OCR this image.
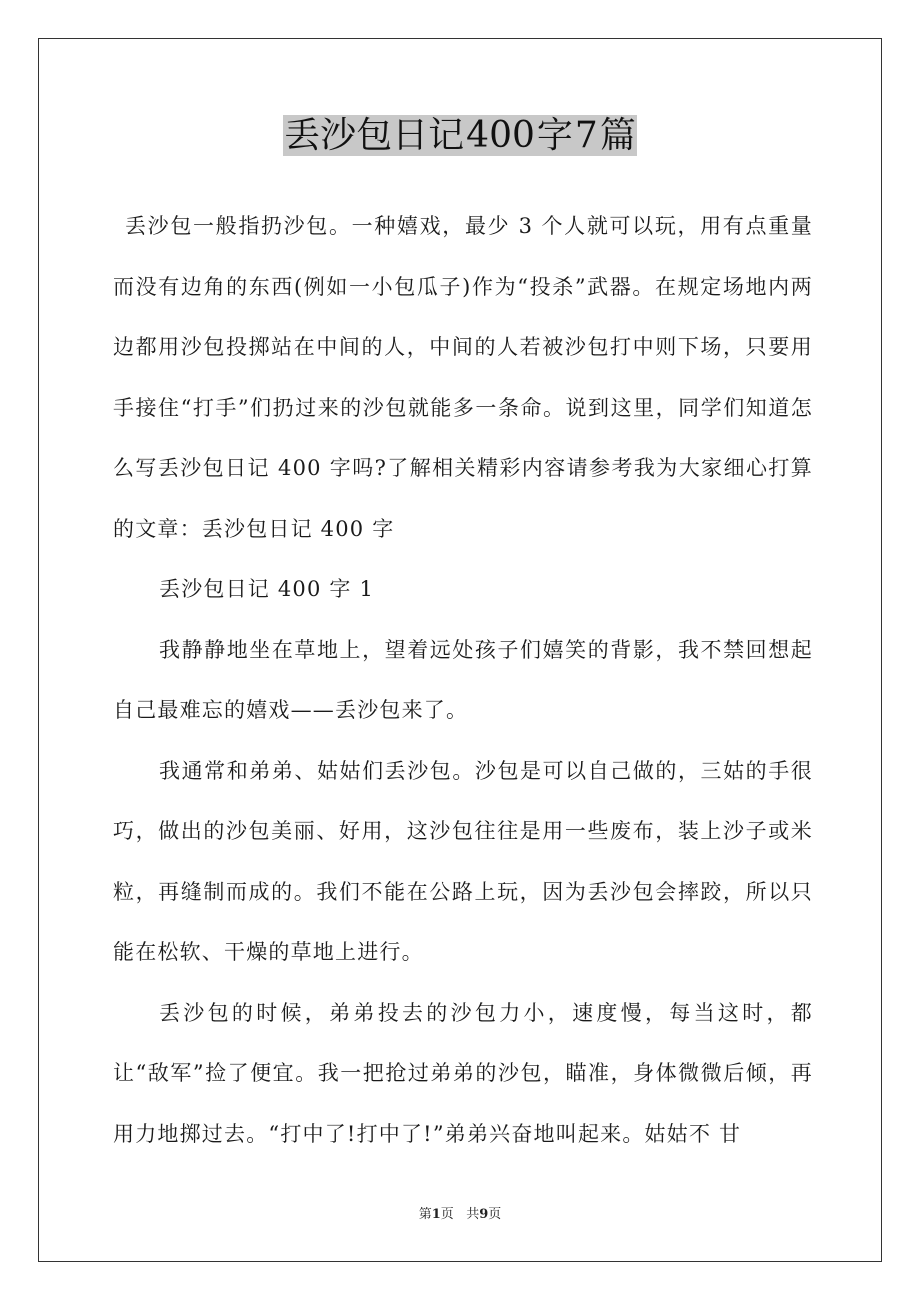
丢沙包日记400字7篇

丢沙包一般指扔沙包。一种嬉戏，最少 3 个人就可以玩，用有点重量而没有边角的东西(例如一小包瓜子)作为“投杀”武器。在规定场地内两边都用沙包投掷站在中间的人，中间的人若被沙包打中则下场，只要用手接住“打手”们扔过来的沙包就能多一条命。说到这里，同学们知道怎么写丢沙包日记 400 字吗?了解相关精彩内容请参考我为大家细心打算的文章：丢沙包日记 400 字

丢沙包日记 400 字 1

我静静地坐在草地上，望着远处孩子们嬉笑的背影，我不禁回想起自己最难忘的嬉戏——丢沙包来了。

我通常和弟弟、姑姑们丢沙包。沙包是可以自己做的，三姑的手很巧，做出的沙包美丽、好用，这沙包往往是用一些废布，装上沙子或米粒，再缝制而成的。我们不能在公路上玩，因为丢沙包会摔跤，所以只能在松软、干燥的草地上进行。

丢沙包的时候，弟弟投去的沙包力小，速度慢，每当这时，都让“敌军”捡了便宜。我一把抢过弟弟的沙包，瞄准，身体微微后倾，再用力地掷过去。“打中了!打中了!”弟弟兴奋地叫起来。姑姑不 甘

第1页   共9页
